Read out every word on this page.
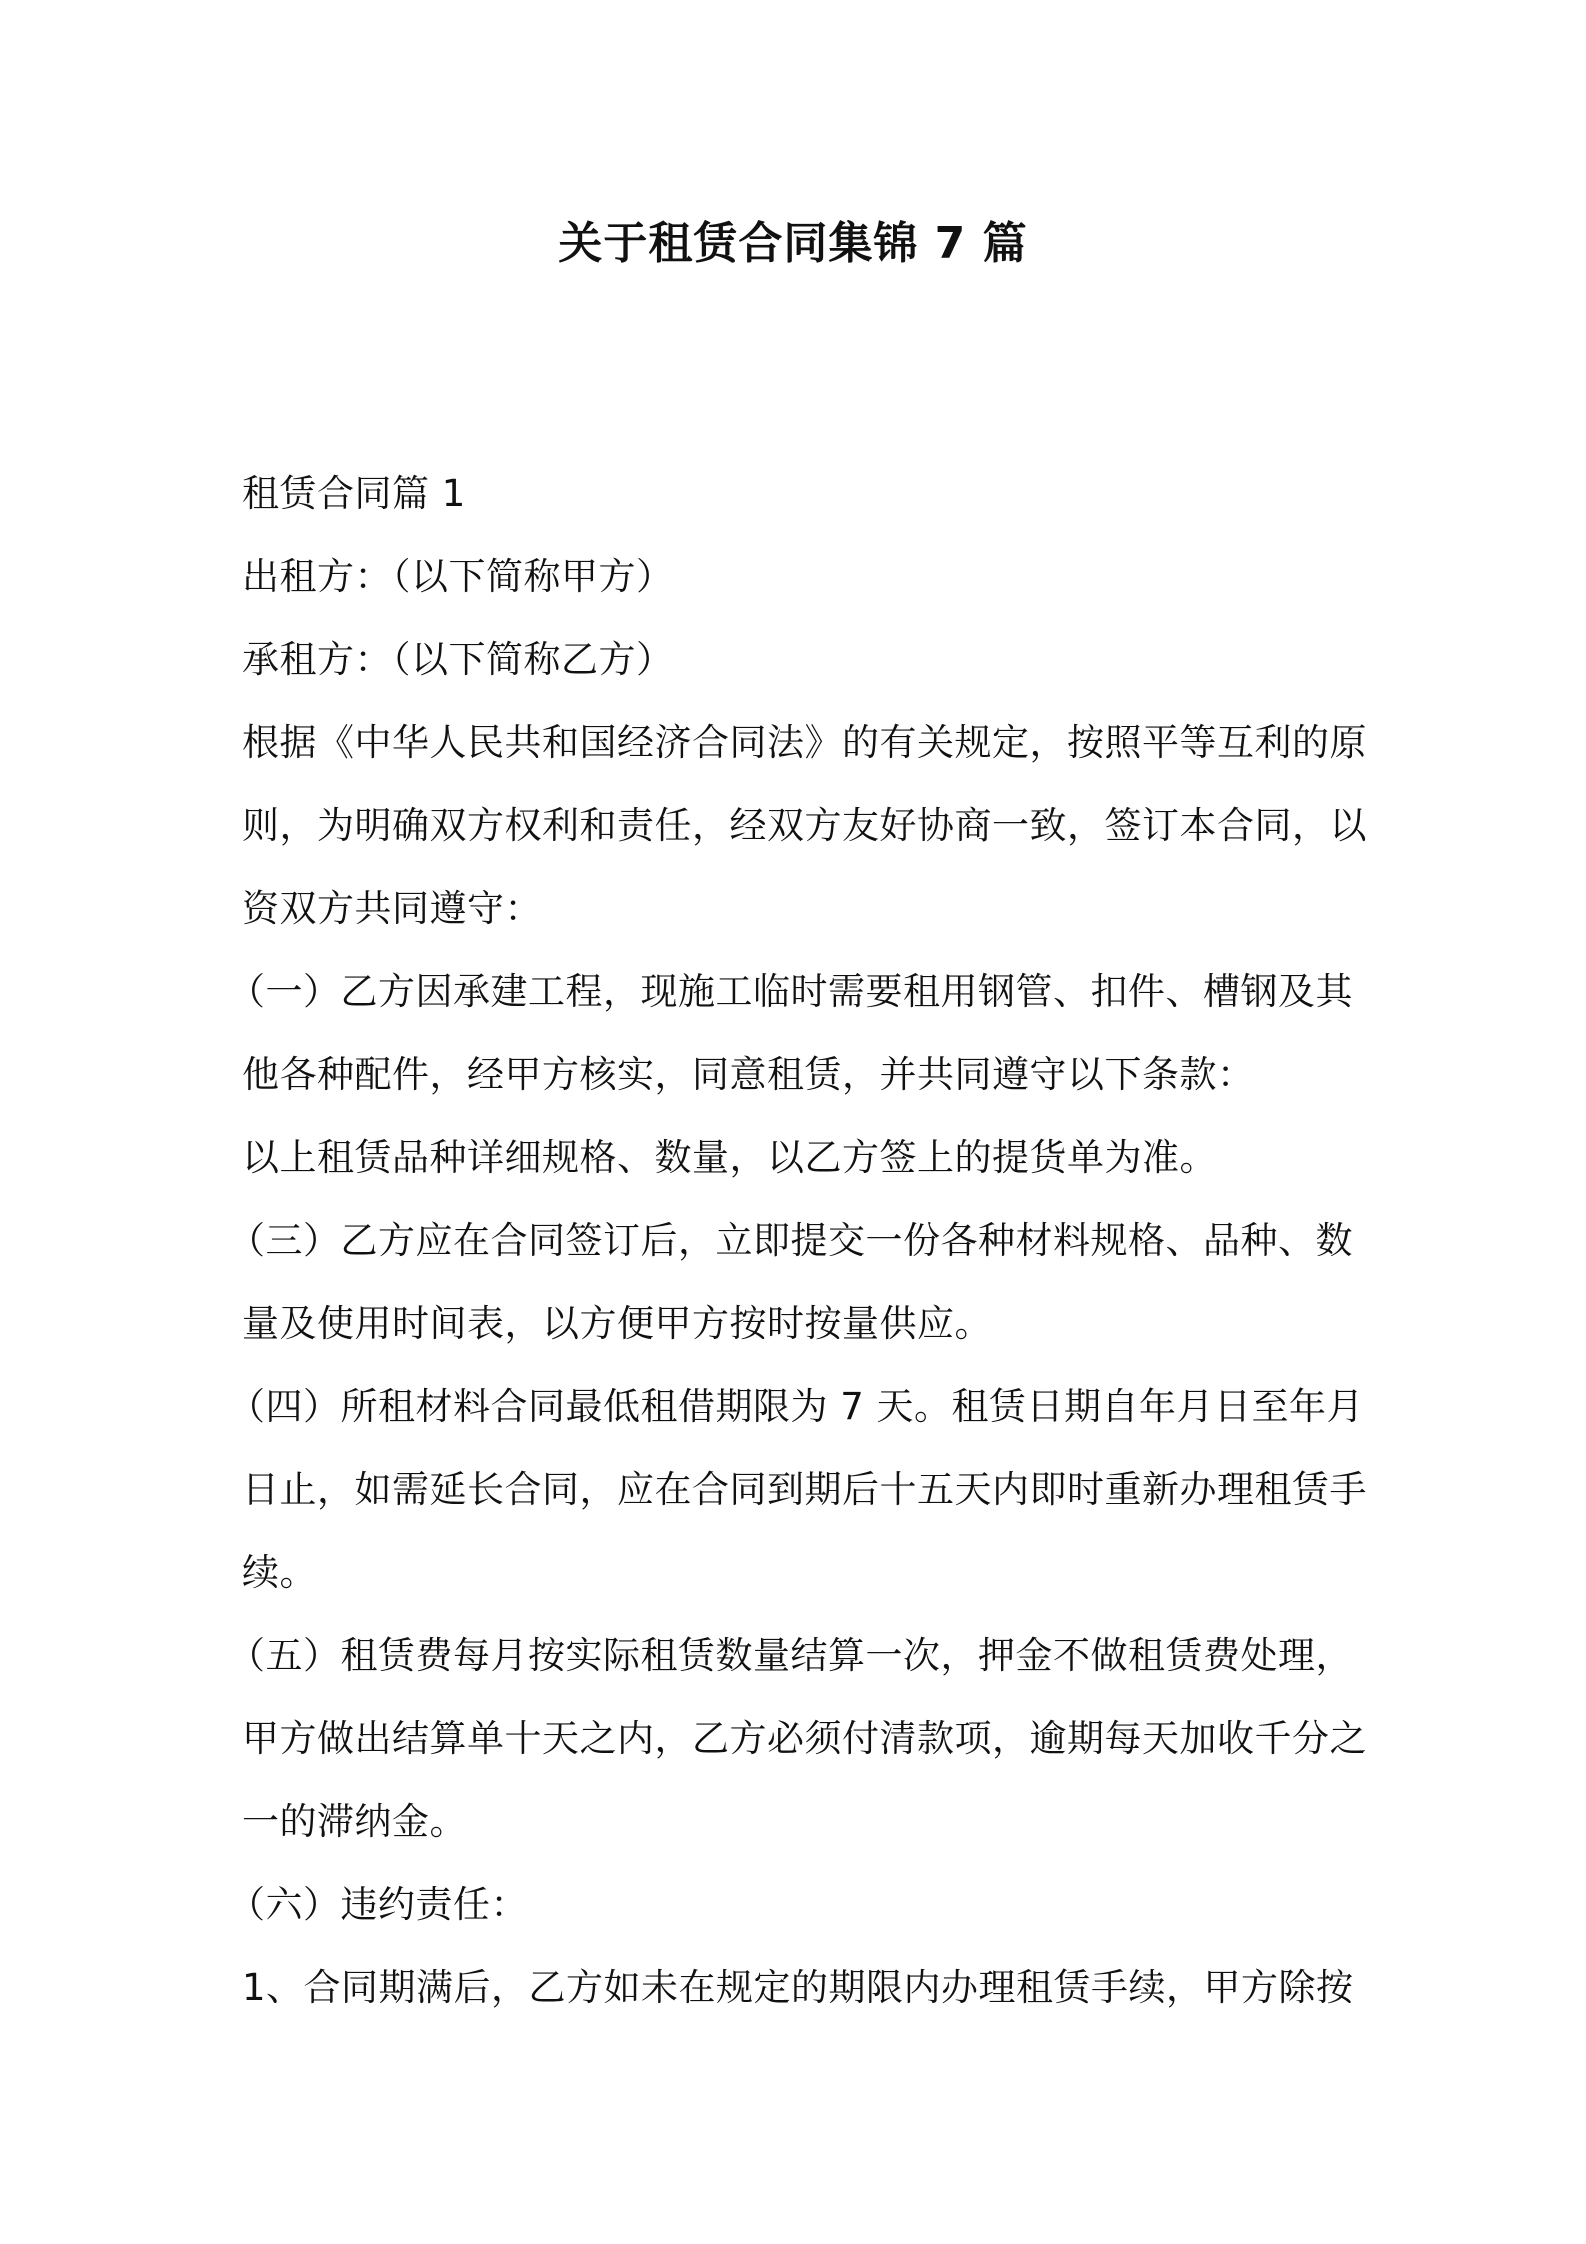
关于租赁合同集锦 7 篇

租赁合同篇 1

出租方：（以下简称甲方）

承租方：（以下简称乙方）

根据《中华人民共和国经济合同法》的有关规定，按照平等互利的原

则，为明确双方权利和责任，经双方友好协商一致，签订本合同，以

资双方共同遵守：

（一）乙方因承建工程，现施工临时需要租用钢管、扣件、槽钢及其

他各种配件，经甲方核实，同意租赁，并共同遵守以下条款：

以上租赁品种详细规格、数量，以乙方签上的提货单为准。

（三）乙方应在合同签订后，立即提交一份各种材料规格、品种、数

量及使用时间表，以方便甲方按时按量供应。

（四）所租材料合同最低租借期限为 7 天。租赁日期自年月日至年月

日止，如需延长合同，应在合同到期后十五天内即时重新办理租赁手

续。

（五）租赁费每月按实际租赁数量结算一次，押金不做租赁费处理，

甲方做出结算单十天之内，乙方必须付清款项，逾期每天加收千分之

一的滞纳金。

（六）违约责任：

1、合同期满后，乙方如未在规定的期限内办理租赁手续，甲方除按
